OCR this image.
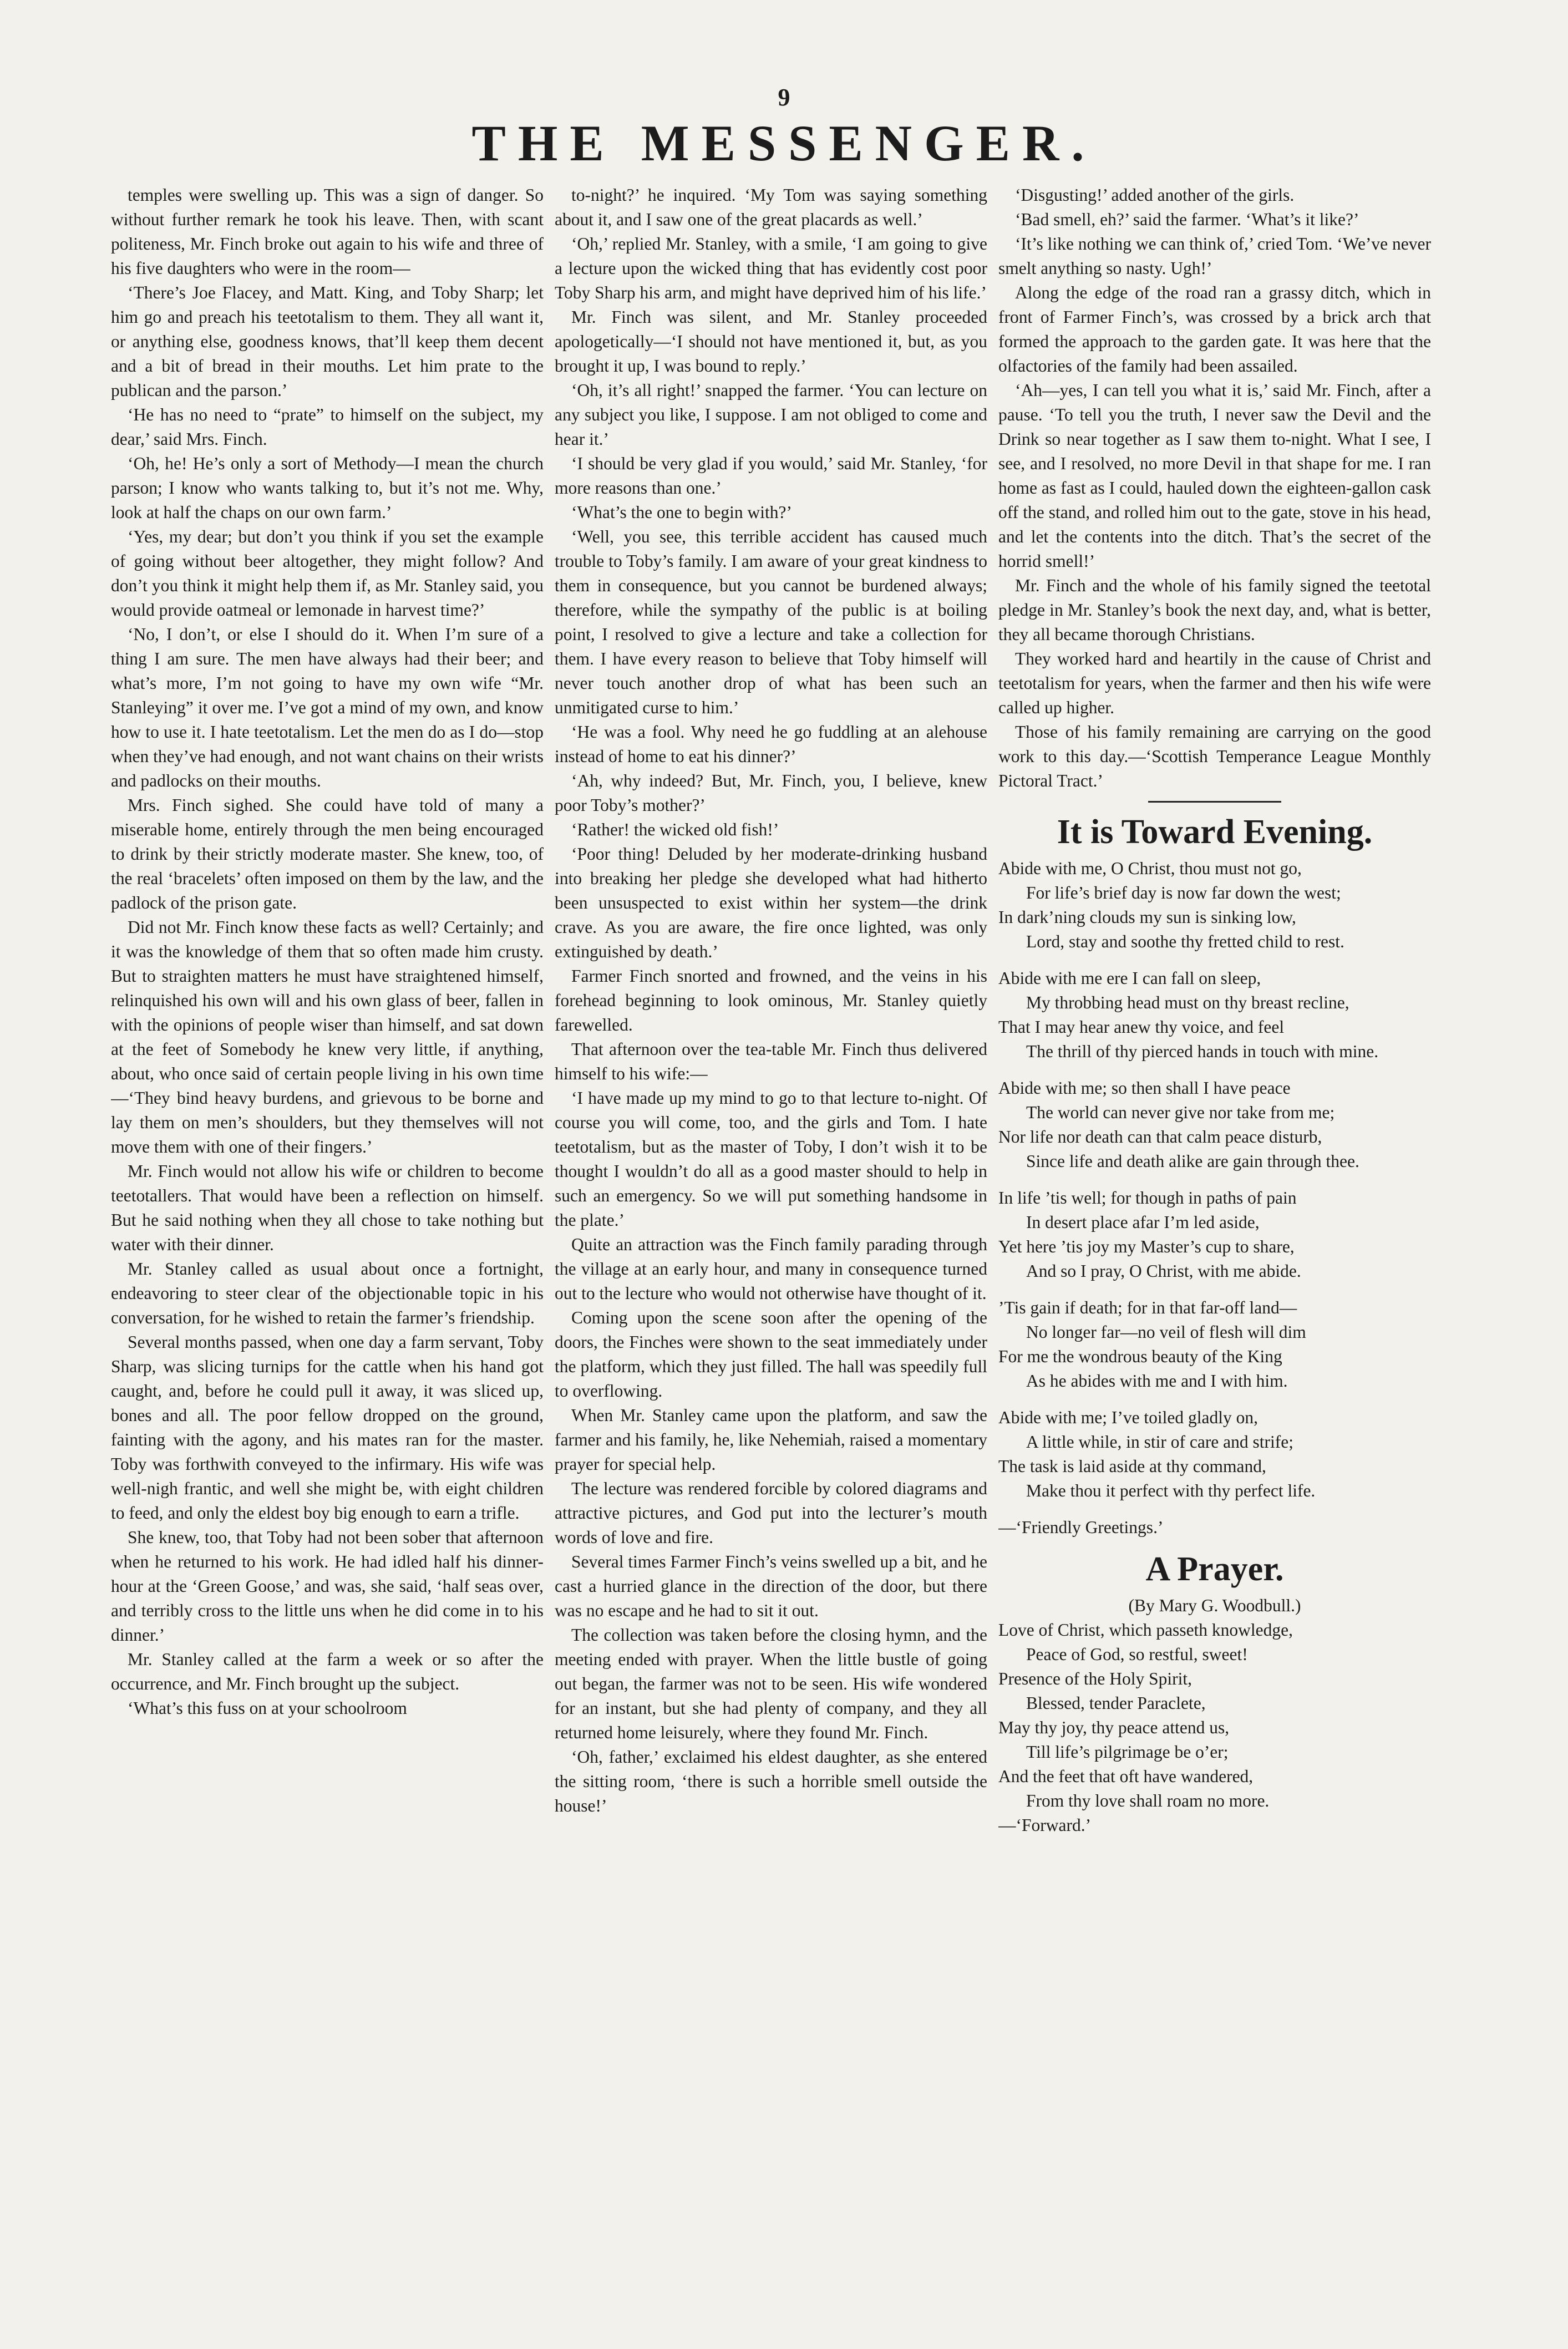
9
THE MESSENGER.

temples were swelling up. This was a sign of danger. So without further remark he took his leave. Then, with scant politeness, Mr. Finch broke out again to his wife and three of his five daughters who were in the room—

‘There’s Joe Flacey, and Matt. King, and Toby Sharp; let him go and preach his teetotalism to them. They all want it, or anything else, goodness knows, that’ll keep them decent and a bit of bread in their mouths. Let him prate to the publican and the parson.’

‘He has no need to “prate” to himself on the subject, my dear,’ said Mrs. Finch.

‘Oh, he! He’s only a sort of Methody—I mean the church parson; I know who wants talking to, but it’s not me. Why, look at half the chaps on our own farm.’

‘Yes, my dear; but don’t you think if you set the example of going without beer altogether, they might follow? And don’t you think it might help them if, as Mr. Stanley said, you would provide oatmeal or lemonade in harvest time?’

‘No, I don’t, or else I should do it. When I’m sure of a thing I am sure. The men have always had their beer; and what’s more, I’m not going to have my own wife “Mr. Stanleying” it over me. I’ve got a mind of my own, and know how to use it. I hate teetotalism. Let the men do as I do—stop when they’ve had enough, and not want chains on their wrists and padlocks on their mouths.

Mrs. Finch sighed. She could have told of many a miserable home, entirely through the men being encouraged to drink by their strictly moderate master. She knew, too, of the real ‘bracelets’ often imposed on them by the law, and the padlock of the prison gate.

Did not Mr. Finch know these facts as well? Certainly; and it was the knowledge of them that so often made him crusty. But to straighten matters he must have straightened himself, relinquished his own will and his own glass of beer, fallen in with the opinions of people wiser than himself, and sat down at the feet of Somebody he knew very little, if anything, about, who once said of certain people living in his own time—‘They bind heavy burdens, and grievous to be borne and lay them on men’s shoulders, but they themselves will not move them with one of their fingers.’

Mr. Finch would not allow his wife or children to become teetotallers. That would have been a reflection on himself. But he said nothing when they all chose to take nothing but water with their dinner.

Mr. Stanley called as usual about once a fortnight, endeavoring to steer clear of the objectionable topic in his conversation, for he wished to retain the farmer’s friendship.

Several months passed, when one day a farm servant, Toby Sharp, was slicing turnips for the cattle when his hand got caught, and, before he could pull it away, it was sliced up, bones and all. The poor fellow dropped on the ground, fainting with the agony, and his mates ran for the master. Toby was forthwith conveyed to the infirmary. His wife was well-nigh frantic, and well she might be, with eight children to feed, and only the eldest boy big enough to earn a trifle.

She knew, too, that Toby had not been sober that afternoon when he returned to his work. He had idled half his dinner-hour at the ‘Green Goose,’ and was, she said, ‘half seas over, and terribly cross to the little uns when he did come in to his dinner.’

Mr. Stanley called at the farm a week or so after the occurrence, and Mr. Finch brought up the subject.

‘What’s this fuss on at your schoolroom

to-night?’ he inquired. ‘My Tom was saying something about it, and I saw one of the great placards as well.’

‘Oh,’ replied Mr. Stanley, with a smile, ‘I am going to give a lecture upon the wicked thing that has evidently cost poor Toby Sharp his arm, and might have deprived him of his life.’

Mr. Finch was silent, and Mr. Stanley proceeded apologetically—‘I should not have mentioned it, but, as you brought it up, I was bound to reply.’

‘Oh, it’s all right!’ snapped the farmer. ‘You can lecture on any subject you like, I suppose. I am not obliged to come and hear it.’

‘I should be very glad if you would,’ said Mr. Stanley, ‘for more reasons than one.’

‘What’s the one to begin with?’

‘Well, you see, this terrible accident has caused much trouble to Toby’s family. I am aware of your great kindness to them in consequence, but you cannot be burdened always; therefore, while the sympathy of the public is at boiling point, I resolved to give a lecture and take a collection for them. I have every reason to believe that Toby himself will never touch another drop of what has been such an unmitigated curse to him.’

‘He was a fool. Why need he go fuddling at an alehouse instead of home to eat his dinner?’

‘Ah, why indeed? But, Mr. Finch, you, I believe, knew poor Toby’s mother?’

‘Rather! the wicked old fish!’

‘Poor thing! Deluded by her moderate-drinking husband into breaking her pledge she developed what had hitherto been unsuspected to exist within her system—the drink crave. As you are aware, the fire once lighted, was only extinguished by death.’

Farmer Finch snorted and frowned, and the veins in his forehead beginning to look ominous, Mr. Stanley quietly farewelled.

That afternoon over the tea-table Mr. Finch thus delivered himself to his wife:—

‘I have made up my mind to go to that lecture to-night. Of course you will come, too, and the girls and Tom. I hate teetotalism, but as the master of Toby, I don’t wish it to be thought I wouldn’t do all as a good master should to help in such an emergency. So we will put something handsome in the plate.’

Quite an attraction was the Finch family parading through the village at an early hour, and many in consequence turned out to the lecture who would not otherwise have thought of it.

Coming upon the scene soon after the opening of the doors, the Finches were shown to the seat immediately under the platform, which they just filled. The hall was speedily full to overflowing.

When Mr. Stanley came upon the platform, and saw the farmer and his family, he, like Nehemiah, raised a momentary prayer for special help.

The lecture was rendered forcible by colored diagrams and attractive pictures, and God put into the lecturer’s mouth words of love and fire.

Several times Farmer Finch’s veins swelled up a bit, and he cast a hurried glance in the direction of the door, but there was no escape and he had to sit it out.

The collection was taken before the closing hymn, and the meeting ended with prayer. When the little bustle of going out began, the farmer was not to be seen. His wife wondered for an instant, but she had plenty of company, and they all returned home leisurely, where they found Mr. Finch.

‘Oh, father,’ exclaimed his eldest daughter, as she entered the sitting room, ‘there is such a horrible smell outside the house!’

‘Disgusting!’ added another of the girls.

‘Bad smell, eh?’ said the farmer. ‘What’s it like?’

‘It’s like nothing we can think of,’ cried Tom. ‘We’ve never smelt anything so nasty. Ugh!’

Along the edge of the road ran a grassy ditch, which in front of Farmer Finch’s, was crossed by a brick arch that formed the approach to the garden gate. It was here that the olfactories of the family had been assailed.

‘Ah—yes, I can tell you what it is,’ said Mr. Finch, after a pause. ‘To tell you the truth, I never saw the Devil and the Drink so near together as I saw them to-night. What I see, I see, and I resolved, no more Devil in that shape for me. I ran home as fast as I could, hauled down the eighteen-gallon cask off the stand, and rolled him out to the gate, stove in his head, and let the contents into the ditch. That’s the secret of the horrid smell!’

Mr. Finch and the whole of his family signed the teetotal pledge in Mr. Stanley’s book the next day, and, what is better, they all became thorough Christians.

They worked hard and heartily in the cause of Christ and teetotalism for years, when the farmer and then his wife were called up higher.

Those of his family remaining are carrying on the good work to this day.—‘Scottish Temperance League Monthly Pictoral Tract.’

It is Toward Evening.
Abide with me, O Christ, thou must not go,
For life’s brief day is now far down the west;
In dark’ning clouds my sun is sinking low,
Lord, stay and soothe thy fretted child to rest.
Abide with me ere I can fall on sleep,
My throbbing head must on thy breast recline,
That I may hear anew thy voice, and feel
The thrill of thy pierced hands in touch with mine.
Abide with me; so then shall I have peace
The world can never give nor take from me;
Nor life nor death can that calm peace disturb,
Since life and death alike are gain through thee.
In life ’tis well; for though in paths of pain
In desert place afar I’m led aside,
Yet here ’tis joy my Master’s cup to share,
And so I pray, O Christ, with me abide.
’Tis gain if death; for in that far-off land—
No longer far—no veil of flesh will dim
For me the wondrous beauty of the King
As he abides with me and I with him.
Abide with me; I’ve toiled gladly on,
A little while, in stir of care and strife;
The task is laid aside at thy command,
Make thou it perfect with thy perfect life.
—‘Friendly Greetings.’
A Prayer.
(By Mary G. Woodbull.)
Love of Christ, which passeth knowledge,
Peace of God, so restful, sweet!
Presence of the Holy Spirit,
Blessed, tender Paraclete,
May thy joy, thy peace attend us,
Till life’s pilgrimage be o’er;
And the feet that oft have wandered,
From thy love shall roam no more.
—‘Forward.’
